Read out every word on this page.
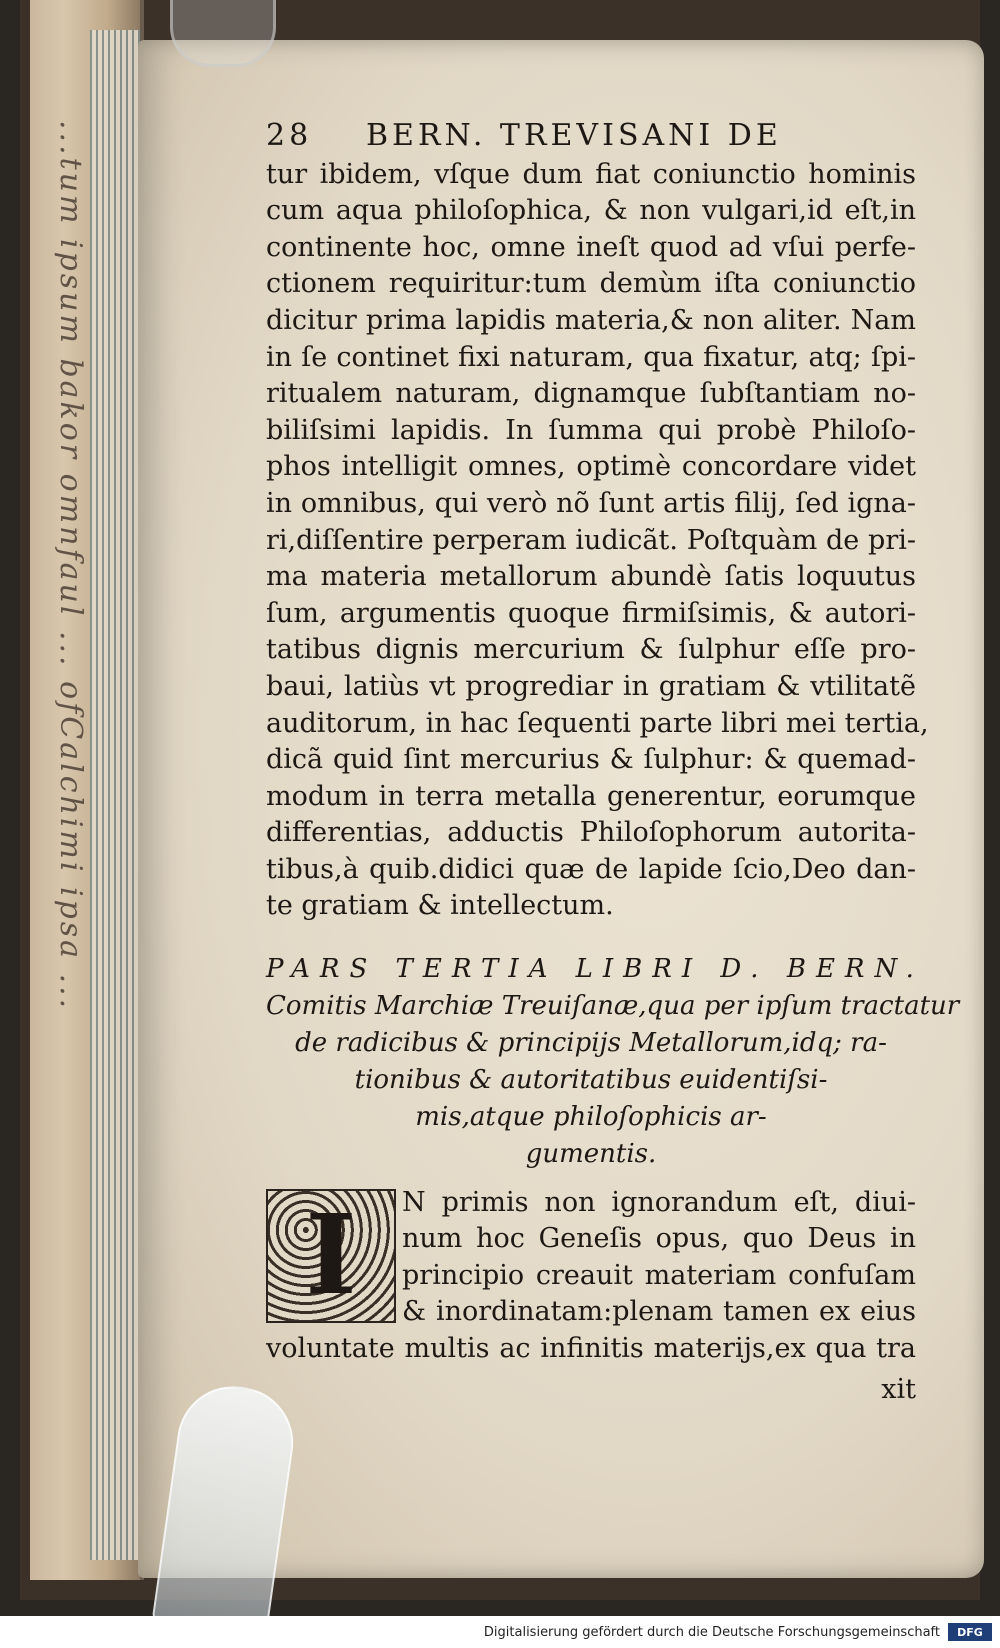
...tum ipsum bakor omnfaul ... ofCalchimi ipsa ...	28	BERN. TREVISANI DE
tur ibidem, vſque dum fiat coniunctio hominis
cum aqua philoſophica, & non vulgari,id eſt,in
continente hoc, omne ineſt quod ad vſui perfe-
ctionem requiritur:tum demùm iſta coniunctio
dicitur prima lapidis materia,& non aliter. Nam
in ſe continet fixi naturam, qua fixatur, atq; ſpi-
ritualem naturam, dignamque ſubſtantiam no-
biliſsimi lapidis. In ſumma qui probè Philoſo-
phos intelligit omnes, optimè concordare videt
in omnibus, qui verò nõ ſunt artis filij, ſed igna-
ri,diſſentire perperam iudicãt. Poſtquàm de pri-
ma materia metallorum abundè ſatis loquutus
ſum, argumentis quoque firmiſsimis, & autori-
tatibus dignis mercurium & ſulphur eſſe pro-
baui, latiùs vt progrediar in gratiam & vtilitatẽ
auditorum, in hac ſequenti parte libri mei tertia,
dicã quid ſint mercurius & ſulphur: & quemad-
modum in terra metalla generentur, eorumque
differentias, adductis Philoſophorum autorita-
tibus,à quib.didici quæ de lapide ſcio,Deo dan-
te gratiam & intellectum.
PARS TERTIA LIBRI D. BERN.
Comitis Marchiæ Treuiſanæ,qua per ipſum tractatur
de radicibus & principijs Metallorum,idq; ra-
tionibus & autoritatibus euidentiſsi-
mis,atque philoſophicis ar-
gumentis.
I	N primis non ignorandum eſt, diui-
num hoc Geneſis opus, quo Deus in
principio creauit materiam confuſam
& inordinatam:plenam tamen ex eius
voluntate multis ac infinitis materijs,ex qua tra
xit
Digitalisierung gefördert durch die Deutsche Forschungsgemeinschaft	DFG
